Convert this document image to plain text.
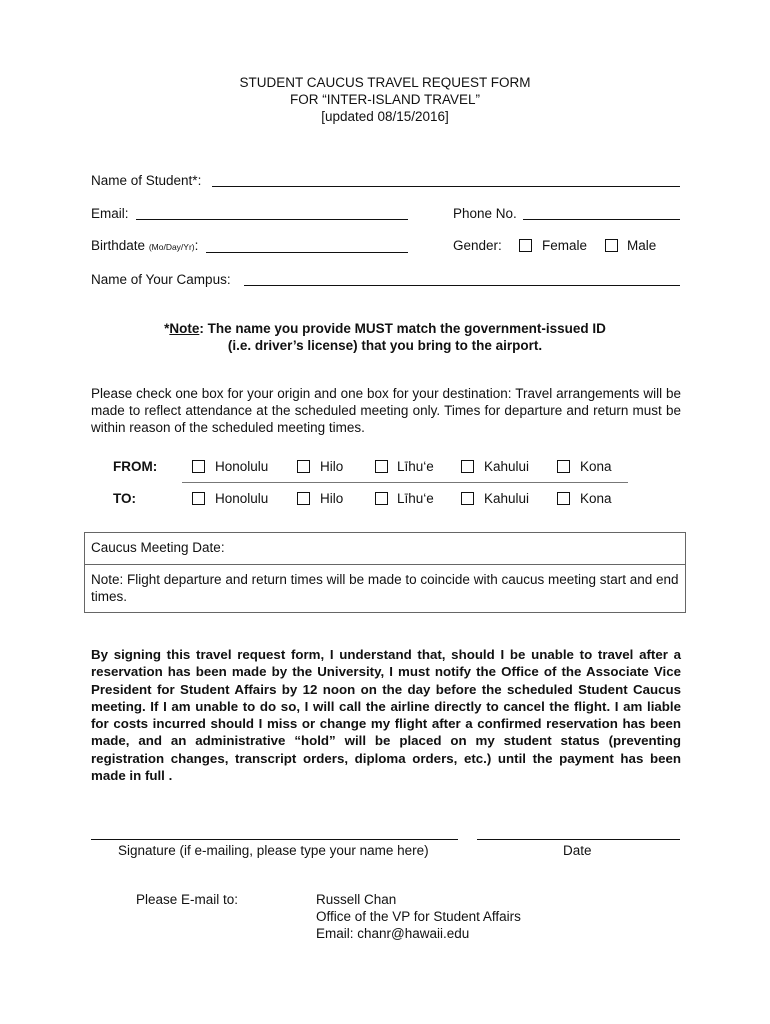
STUDENT CAUCUS TRAVEL REQUEST FORM
FOR “INTER-ISLAND TRAVEL”
[updated 08/15/2016]
Name of Student*:
Email:	Phone No.
Birthdate (Mo/Day/Yr):	Gender:	Female	Male
Name of Your Campus:
*Note: The name you provide MUST match the government-issued ID
(i.e. driver’s license) that you bring to the airport.
Please check one box for your origin and one box for your destination: Travel arrangements will be made to reflect attendance at the scheduled meeting only. Times for departure and return must be within reason of the scheduled meeting times.
FROM:	Honolulu	Hilo	Līhu‘e	Kahului	Kona
TO:	Honolulu	Hilo	Līhu‘e	Kahului	Kona
Caucus Meeting Date:
Note: Flight departure and return times will be made to coincide with caucus meeting start and end times.
By signing this travel request form, I understand that, should I be unable to travel after a reservation has been made by the University, I must notify the Office of the Associate Vice President for Student Affairs by 12 noon on the day before the scheduled Student Caucus meeting. If I am unable to do so, I will call the airline directly to cancel the flight. I am liable for costs incurred should I miss or change my flight after a confirmed reservation has been made, and an administrative “hold” will be placed on my student status (preventing registration changes, transcript orders, diploma orders, etc.) until the payment has been made in full .
Signature (if e-mailing, please type your name here)	Date
Please E-mail to:	Russell Chan
Office of the VP for Student Affairs
Email: chanr@hawaii.edu
